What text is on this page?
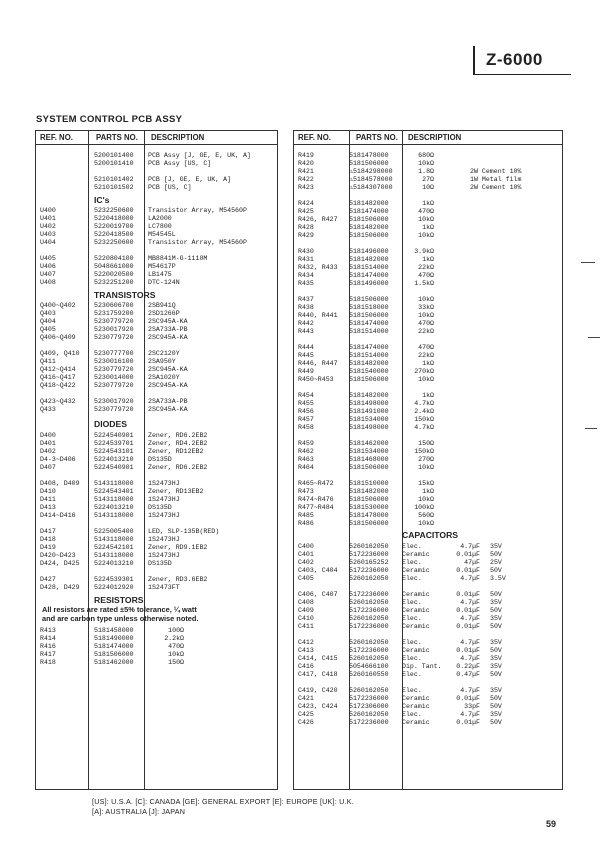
Z-6000
SYSTEM CONTROL PCB ASSY
REF. NO.	PARTS NO. DESCRIPTION
5200101400 PCB Assy [J, GE, E, UK, A]
5200101410 PCB Assy [US, C]
5210101402 PCB [J, GE, E, UK, A]
5210101502 PCB [US, C]
IC's
U400	5232250600 Transistor Array, M54560P
U401	5220418000 LA2000
U402	5220019700 LC7800
U403	5220418500 M54545L
U404	5232250600 Transistor Array, M54560P
U405	5220804100 MB8841M-G-1110M
U406	5048661000 M54617P
U407	5220020500 LB1475
U408	5232251200 DTC-124N
TRANSISTORS
Q400~Q402	5230606700 2SB941Q
Q403	5231759200 2SD1266P
Q404	5230779720 2SC945A-KA
Q405	5230017920 2SA733A-PB
Q406~Q409	5230779720 2SC945A-KA
Q409, Q410 5230777700 2SC2120Y
Q411	5230016100 2SA950Y
Q412~Q414	5230779720 2SC945A-KA
Q416~Q417	5230014000 2SA1020Y
Q418~Q422	5230779720 2SC945A-KA
Q423~Q432	5230017920 2SA733A-PB
Q433	5230779720 2SC945A-KA
DIODES
D400	5224540901 Zener, RD6.2EB2
D401	5224539701 Zener, RD4.2EB2
D402	5224543101 Zener, RD12EB2
D4-3~D406	5224013210 DS135D
D407	5224540901 Zener, RD6.2EB2
D408, D409 5143118000 1S2473HJ
D410	5224543401 Zener, RD13EB2
D411	5143118000 1S2473HJ
D413	5224013210 DS135D
D414~D416	5143118000 1S2473HJ
D417	5225005400 LED, SLP-135B(RED)
D418	5143118000 1S2473HJ
D419	5224542101 Zener, RD9.1EB2
D420~D423	5143118000 1S2473HJ
D424, D425 5224013210 DS135D
D427	5224539301 Zener, RD3.6EB2
D428, D429 5224012920 1S2473FT
RESISTORS
All resistors are rated ±5% tolerance, ¼ watt
and are carbon type unless otherwise noted.
R413	5181458000	100Ω
R414	5181490000	2.2kΩ
R416	5181474000	470Ω
R417	5181506000	10kΩ
R418	5181462000	150Ω
REF. NO.	PARTS NO. DESCRIPTION
R419	5181478000	680Ω
R420	5181506000	10kΩ
R421	⚠5184298000	1.8Ω	2W Cement 10%
R422	⚠5184578000	27Ω	1W Metal film
R423	⚠5184307000	10Ω	2W Cement 10%
R424	5181482000	1kΩ
R425	5181474000	470Ω
R426, R427 5181506000	10kΩ
R428	5181482000	1kΩ
R429	5181506000	10kΩ
R430	5181496000	3.9kΩ
R431	5181482000	1kΩ
R432, R433 5181514000	22kΩ
R434	5181474000	470Ω
R435	5181496000	1.5kΩ
R437	5181506000	10kΩ
R438	5181518000	33kΩ
R440, R441 5181506000	10kΩ
R442	5181474000	470Ω
R443	5181514000	22kΩ
R444	5181474000	470Ω
R445	5181514000	22kΩ
R446, R447 5181482000	1kΩ
R449	5181540000	270kΩ
R450~R453 5181506000	10kΩ
R454	5181482000	1kΩ
R455	5181498000	4.7kΩ
R456	5181491000	2.4kΩ
R457	5181534000	150kΩ
R458	5181498000	4.7kΩ
R459	5181462000	150Ω
R462	5181534000	150kΩ
R463	5181468000	270Ω
R464	5181506000	10kΩ
R465~R472 5181510000	15kΩ
R473	5181482000	1kΩ
R474~R476 5181506000	10kΩ
R477~R484 5181530000	100kΩ
R485	5181478000	560Ω
R486	5181506000	10kΩ
CAPACITORS
C400	5260162050 Elec.	4.7μF 35V
C401	5172236000 Ceramic	0.01μF 50V
C402	5260165252 Elec.	47μF 25V
C403, C404 5172236000 Ceramic	0.01μF 50V
C405	5260162050 Elec.	4.7μF 3.5V
C406, C407 5172236000 Ceramic	0.01μF 50V
C408	5260162050 Elec.	4.7μF 35V
C409	5172236000 Ceramic	0.01μF 50V
C410	5260162050 Elec.	4.7μF 35V
C411	5172236000 Ceramic	0.01μF 50V
C412	5260162050 Elec.	4.7μF 35V
C413	5172236000 Ceramic	0.01μF 50V
C414, C415 5260162050 Elec.	4.7μF 35V
C416	5054666100 Dip. Tant.	0.22μF 35V
C417, C418 5260160550 Elec.	0.47μF 50V
C419, C420 5260162050 Elec.	4.7μF 35V
C421	5172236000 Ceramic	0.01μF 50V
C423, C424 5172306000 Ceramic	33pF 50V
C425	5260162050 Elec.	4.7μF 35V
C426	5172236000 Ceramic	0.01μF 50V
[US]: U.S.A. [C]: CANADA [GE]: GENERAL EXPORT [E]: EUROPE [UK]: U.K.
[A]: AUSTRALIA [J]: JAPAN
59
